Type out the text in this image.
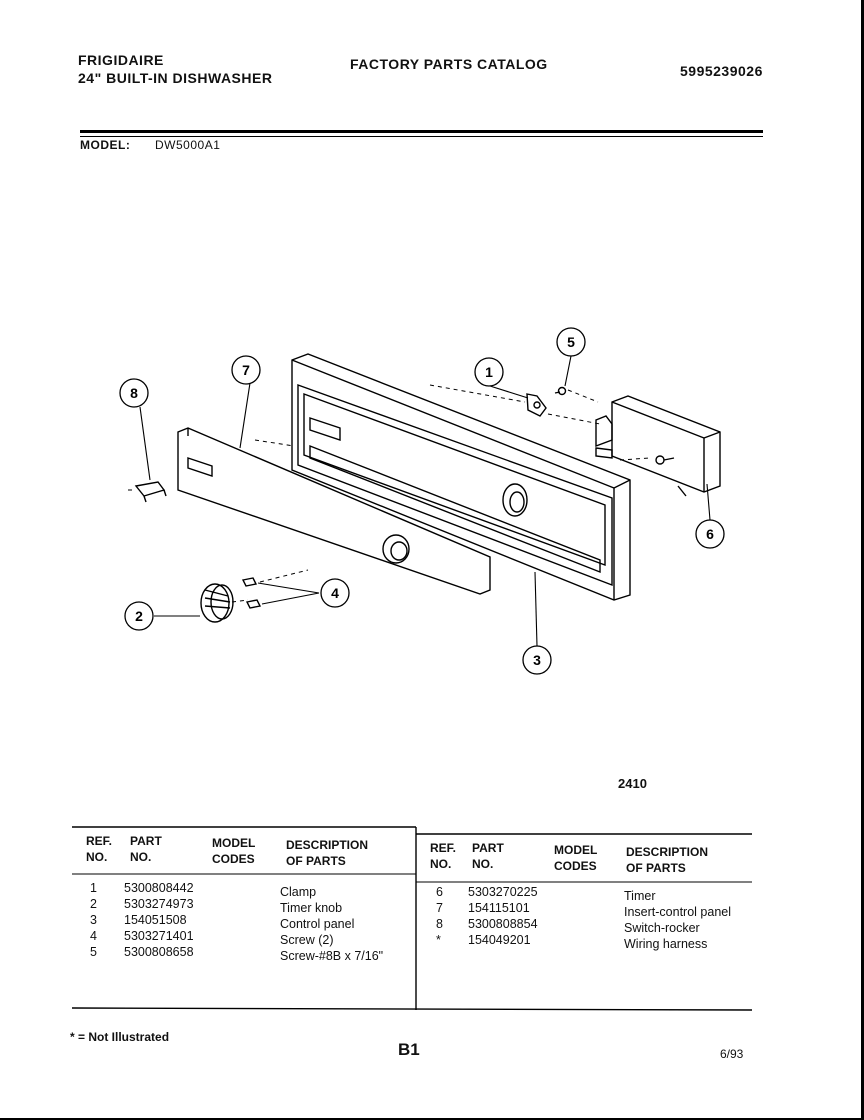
FRIGIDAIRE
24" BUILT-IN DISHWASHER
FACTORY PARTS CATALOG	5995239026
MODEL: DW5000A1
1
2
3
4
5
6
7
8
2410
REF.
NO.
PART
NO.
MODEL
CODES
DESCRIPTION
OF PARTS
REF.
NO.
PART
NO.
MODEL
CODES
DESCRIPTION
OF PARTS
1
2
3
4
5
5300808442
5303274973
154051508
5303271401
5300808658
Clamp
Timer knob
Control panel
Screw (2)
Screw-#8B x 7/16"
6
7
8
*
5303270225
154115101
5300808854
154049201
Timer
Insert-control panel
Switch-rocker
Wiring harness
* = Not Illustrated
B1	6/93
